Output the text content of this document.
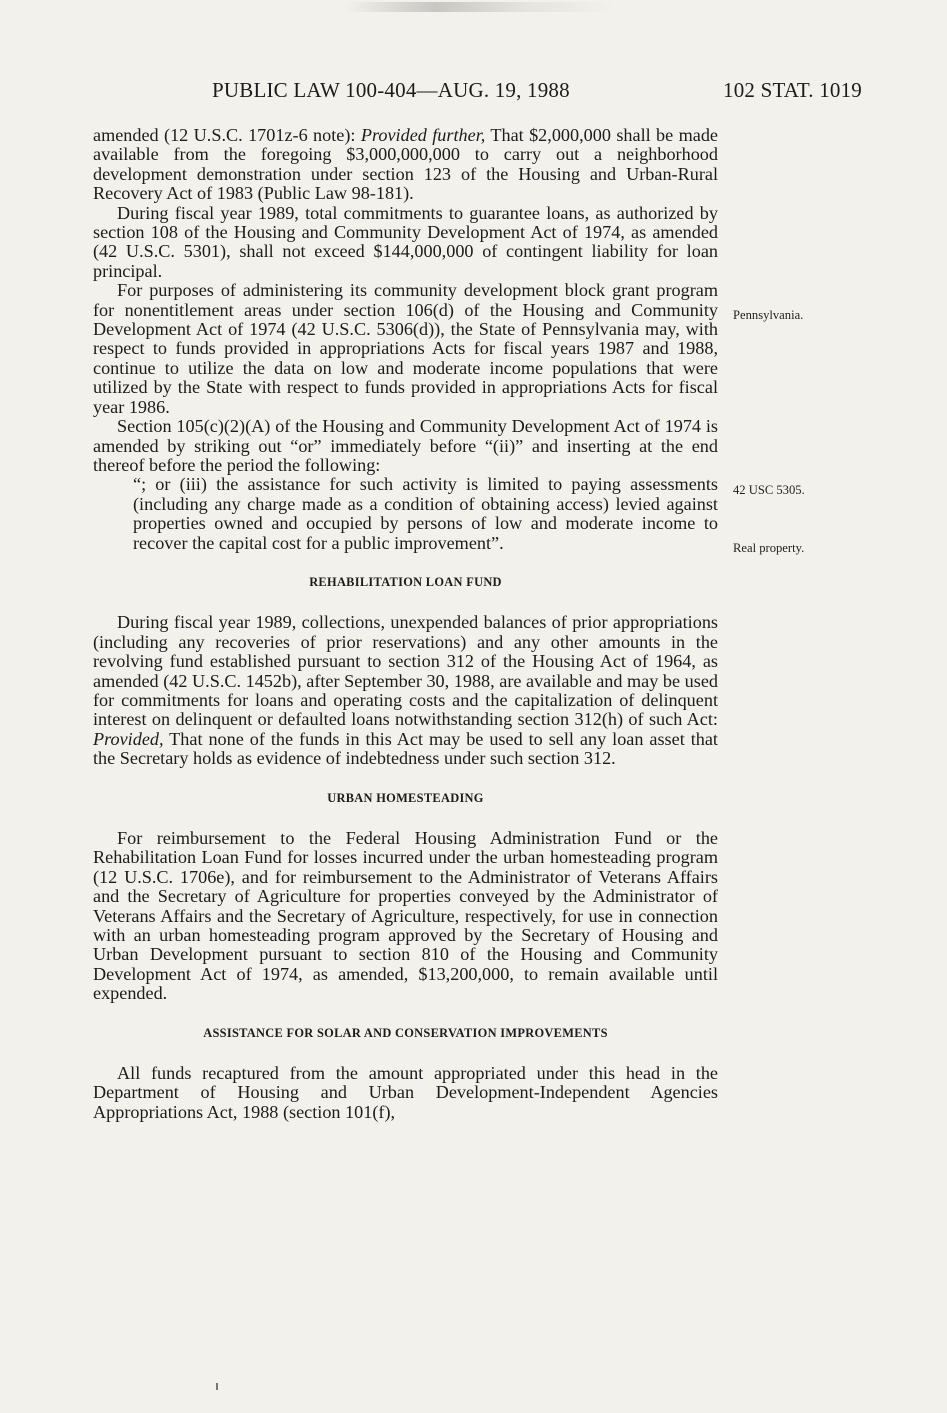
PUBLIC LAW 100-404—AUG. 19, 1988	102 STAT. 1019

amended (12 U.S.C. 1701z-6 note): Provided further, That $2,000,000 shall be made available from the foregoing $3,000,000,000 to carry out a neighborhood development demonstration under section 123 of the Housing and Urban-Rural Recovery Act of 1983 (Public Law 98-181).

During fiscal year 1989, total commitments to guarantee loans, as authorized by section 108 of the Housing and Community Development Act of 1974, as amended (42 U.S.C. 5301), shall not exceed $144,000,000 of contingent liability for loan principal.

For purposes of administering its community development block grant program for nonentitlement areas under section 106(d) of the Housing and Community Development Act of 1974 (42 U.S.C. 5306(d)), the State of Pennsylvania may, with respect to funds provided in appropriations Acts for fiscal years 1987 and 1988, continue to utilize the data on low and moderate income populations that were utilized by the State with respect to funds provided in appropriations Acts for fiscal year 1986.

Section 105(c)(2)(A) of the Housing and Community Development Act of 1974 is amended by striking out “or” immediately before “(ii)” and inserting at the end thereof before the period the following:

“; or (iii) the assistance for such activity is limited to paying assessments (including any charge made as a condition of obtaining access) levied against properties owned and occupied by persons of low and moderate income to recover the capital cost for a public improvement”.

REHABILITATION LOAN FUND

During fiscal year 1989, collections, unexpended balances of prior appropriations (including any recoveries of prior reservations) and any other amounts in the revolving fund established pursuant to section 312 of the Housing Act of 1964, as amended (42 U.S.C. 1452b), after September 30, 1988, are available and may be used for commitments for loans and operating costs and the capitalization of delinquent interest on delinquent or defaulted loans notwithstanding section 312(h) of such Act: Provided, That none of the funds in this Act may be used to sell any loan asset that the Secretary holds as evidence of indebtedness under such section 312.

URBAN HOMESTEADING

For reimbursement to the Federal Housing Administration Fund or the Rehabilitation Loan Fund for losses incurred under the urban homesteading program (12 U.S.C. 1706e), and for reimbursement to the Administrator of Veterans Affairs and the Secretary of Agriculture for properties conveyed by the Administrator of Veterans Affairs and the Secretary of Agriculture, respectively, for use in connection with an urban homesteading program approved by the Secretary of Housing and Urban Development pursuant to section 810 of the Housing and Community Development Act of 1974, as amended, $13,200,000, to remain available until expended.

ASSISTANCE FOR SOLAR AND CONSERVATION IMPROVEMENTS

All funds recaptured from the amount appropriated under this head in the Department of Housing and Urban Development-Independent Agencies Appropriations Act, 1988 (section 101(f),

Pennsylvania.
42 USC 5305.
Real property.
